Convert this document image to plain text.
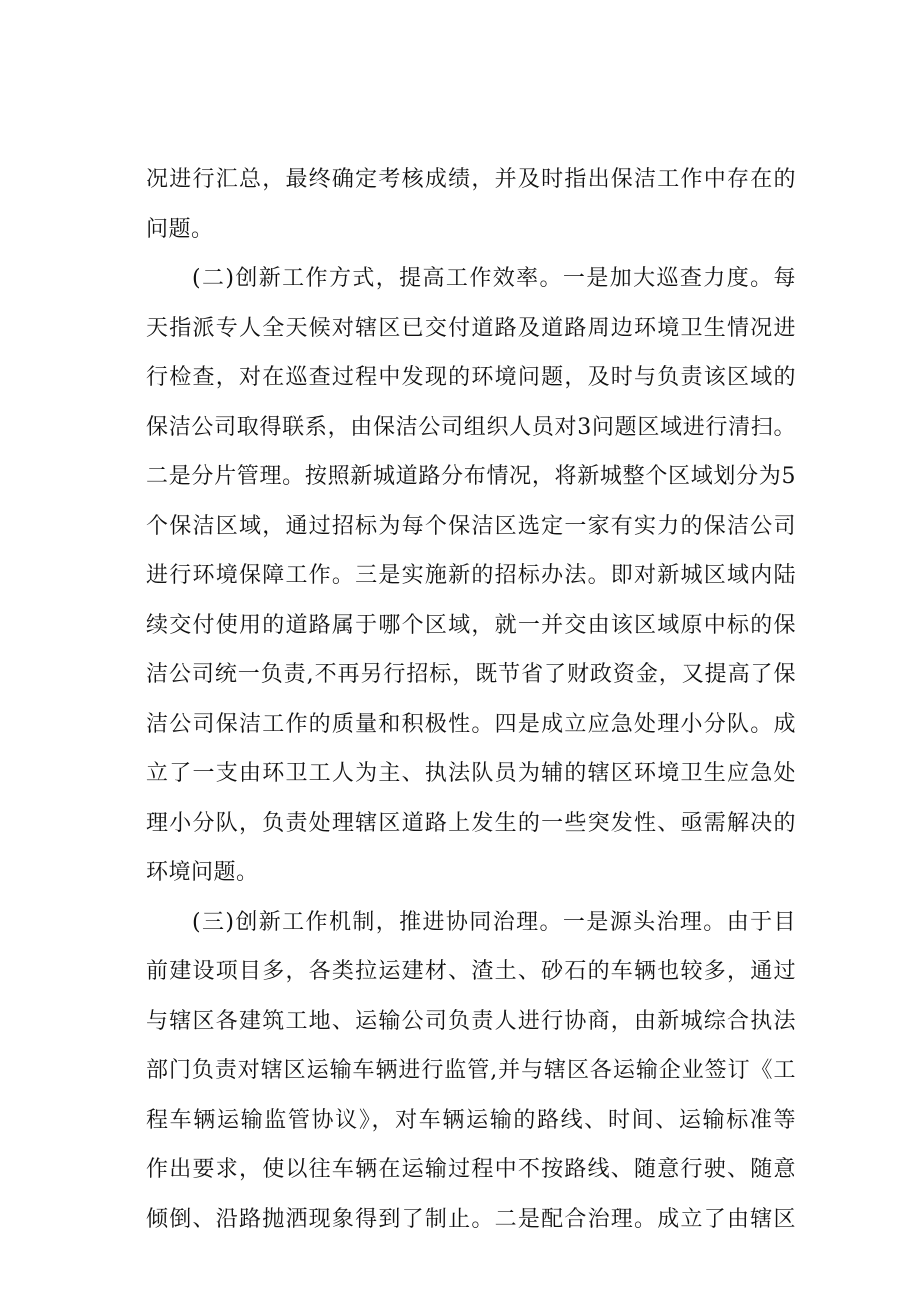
况进行汇总，最终确定考核成绩，并及时指出保洁工作中存在的
问题。
(二)创新工作方式，提高工作效率。一是加大巡查力度。每
天指派专人全天候对辖区已交付道路及道路周边环境卫生情况进
行检查，对在巡查过程中发现的环境问题，及时与负责该区域的
保洁公司取得联系，由保洁公司组织人员对3问题区域进行清扫。
二是分片管理。按照新城道路分布情况，将新城整个区域划分为5
个保洁区域，通过招标为每个保洁区选定一家有实力的保洁公司
进行环境保障工作。三是实施新的招标办法。即对新城区域内陆
续交付使用的道路属于哪个区域，就一并交由该区域原中标的保
洁公司统一负责,不再另行招标，既节省了财政资金，又提高了保
洁公司保洁工作的质量和积极性。四是成立应急处理小分队。成
立了一支由环卫工人为主、执法队员为辅的辖区环境卫生应急处
理小分队，负责处理辖区道路上发生的一些突发性、亟需解决的
环境问题。
(三)创新工作机制，推进协同治理。一是源头治理。由于目
前建设项目多，各类拉运建材、渣土、砂石的车辆也较多，通过
与辖区各建筑工地、运输公司负责人进行协商，由新城综合执法
部门负责对辖区运输车辆进行监管,并与辖区各运输企业签订《工
程车辆运输监管协议》，对车辆运输的路线、时间、运输标准等
作出要求，使以往车辆在运输过程中不按路线、随意行驶、随意
倾倒、沿路抛洒现象得到了制止。二是配合治理。成立了由辖区
